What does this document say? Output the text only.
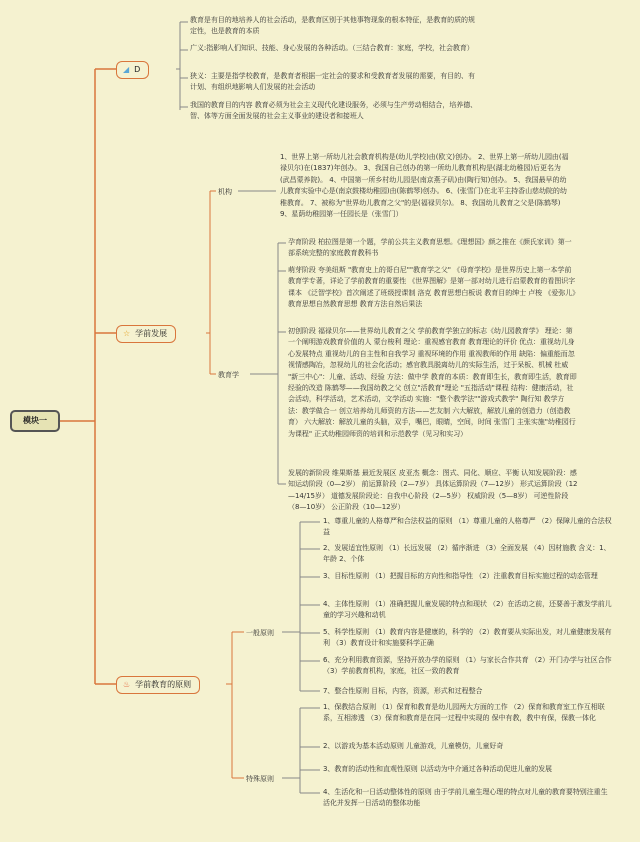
模块一
◢ D
☆ 学前发展
♨ 学前教育的原则
机构
教育学
一般原则
特殊原则
教育是有目的地培养人的社会活动，是教育区别于其他事物现象的根本特征，是教育的质的规定性，也是教育的本质
广义:指影响人们知识、技能、身心发展的各种活动。（三结合教育：家庭，学校，社会教育）
狭义：主要是指学校教育，是教育者根据一定社会的要求和受教育者发展的需要，有目的、有计划、有组织地影响人们发展的社会活动
我国的教育目的内容 教育必须为社会主义现代化建设服务，必须与生产劳动相结合，培养德、智、体等方面全面发展的社会主义事业的建设者和接班人
1、世界上第一所幼儿社会教育机构是(幼儿学校)由(欧文)创办。 2、世界上第一所幼儿园由(福禄贝尔)在(1837)年创办。 3、我国自己创办的第一所幼儿教育机构是(湖北幼稚园)后更名为(武昌蒙养院)。 4、中国第一所乡村幼儿园是(南京燕子矶)由(陶行知)创办。 5、我国最早的幼儿教育实验中心是(南京鼓楼幼稚园)由(陈鹤琴)创办。 6、(张雪门)在北平主持香山慈幼院的幼稚教育。 7、被称为"世界幼儿教育之父"的是(福禄贝尔)。 8、我国幼儿教育之父是(陈鹤琴) 9、星荫幼稚园第一任园长是（张雪门）
孕育阶段 柏拉图是第一个题，学前公共主义教育思想。《理想国》颜之推在《颜氏家训》第一部系统完整的家庭教育教科书
萌芽阶段 夸美纽斯 "教育史上的哥白尼""教育学之父" 《母育学校》是世界历史上第一本学前教育学专著，详论了学前教育的重要性 《世界图解》是第一部对幼儿进行启蒙教育的看图识字课本 《泛智学校》首次阐述了班级授课制 洛克 教育思想白板说 教育目的绅士 卢梭 《爱弥儿》教育思想自然教育思想 教育方法自然后果法
初创阶段 福禄贝尔——世界幼儿教育之父 学前教育学独立的标志《幼儿园教育学》 理论：第一个阐明游戏教育价值的人 蒙台梭利 理论：重视感官教育 教育理论的评价 优点：重视幼儿身心发展特点 重视幼儿的自主性和自我学习 重视环境的作用 重视教师的作用 缺陷：偏重能而忽视情感陶冶，忽视幼儿的社会化活动；感官教具脱离幼儿的实际生活，过于呆板、机械 杜威 "新三中心"：儿童、活动、经验 方法：做中学 教育的本质：教育即生长，教育即生活，教育即经验的改造 陈鹤琴——我国幼教之父 创立"活教育"理论 "五指活动"课程 结构：健康活动，社会活动，科学活动，艺术活动，文学活动 实施："整个教学法""游戏式教学" 陶行知 教学方法：教学做合一 创立培养幼儿师资的方法——艺友制 六大解放，解放儿童的创造力（创造教育） 六大解放：解放儿童的头脑，双手，嘴巴，眼睛，空间，时间 张雪门 主张实施"幼稚园行为课程" 正式幼稚园师资的培训和示范教学（见习和实习）
发展的新阶段 维果斯基 最近发展区 皮亚杰 概念：图式、同化、顺应、平衡 认知发展阶段：感知运动阶段（0—2岁） 前运算阶段（2—7岁） 具体运算阶段（7—12岁） 形式运算阶段（12—14/15岁） 道德发展阶段论：自我中心阶段（2—5岁） 权威阶段（5—8岁） 可逆性阶段（8—10岁） 公正阶段（10—12岁）
1、尊重儿童的人格尊严和合法权益的原则 （1）尊重儿童的人格尊严 （2）保障儿童的合法权益
2、发展适宜性原则 （1）长远发展 （2）循序渐进 （3）全面发展 （4）因材施教 含义：1、年龄 2、个体
3、目标性原则 （1）把握目标的方向性和指导性 （2）注重教育目标实施过程的动态管理
4、主体性原则 （1）准确把握儿童发展的特点和现状 （2）在活动之前，还要善于激发学前儿童的学习兴趣和动机
5、科学性原则 （1）教育内容是健康的，科学的 （2）教育要从实际出发，对儿童健康发展有利 （3）教育设计和实施要科学正确
6、充分利用教育资源，坚持开放办学的原则 （1）与家长合作共育 （2）开门办学与社区合作 （3）学前教育机构，家庭，社区一致的教育
7、整合性原则 目标，内容，资源，形式和过程整合
1、保教结合原则 （1）保育和教育是幼儿园两大方面的工作 （2）保育和教育室工作互相联系，互相渗透 （3）保育和教育是在同一过程中实现的 保中有教，教中有保，保教一体化
2、以游戏为基本活动原则 儿童游戏，儿童模仿，儿童好奇
3、教育的活动性和直观性原则 以活动为中介通过各种活动促进儿童的发展
4、生活化和一日活动整体性的原则 由于学前儿童生理心理的特点对儿童的教育要特别注重生活化并发挥一日活动的整体功能
